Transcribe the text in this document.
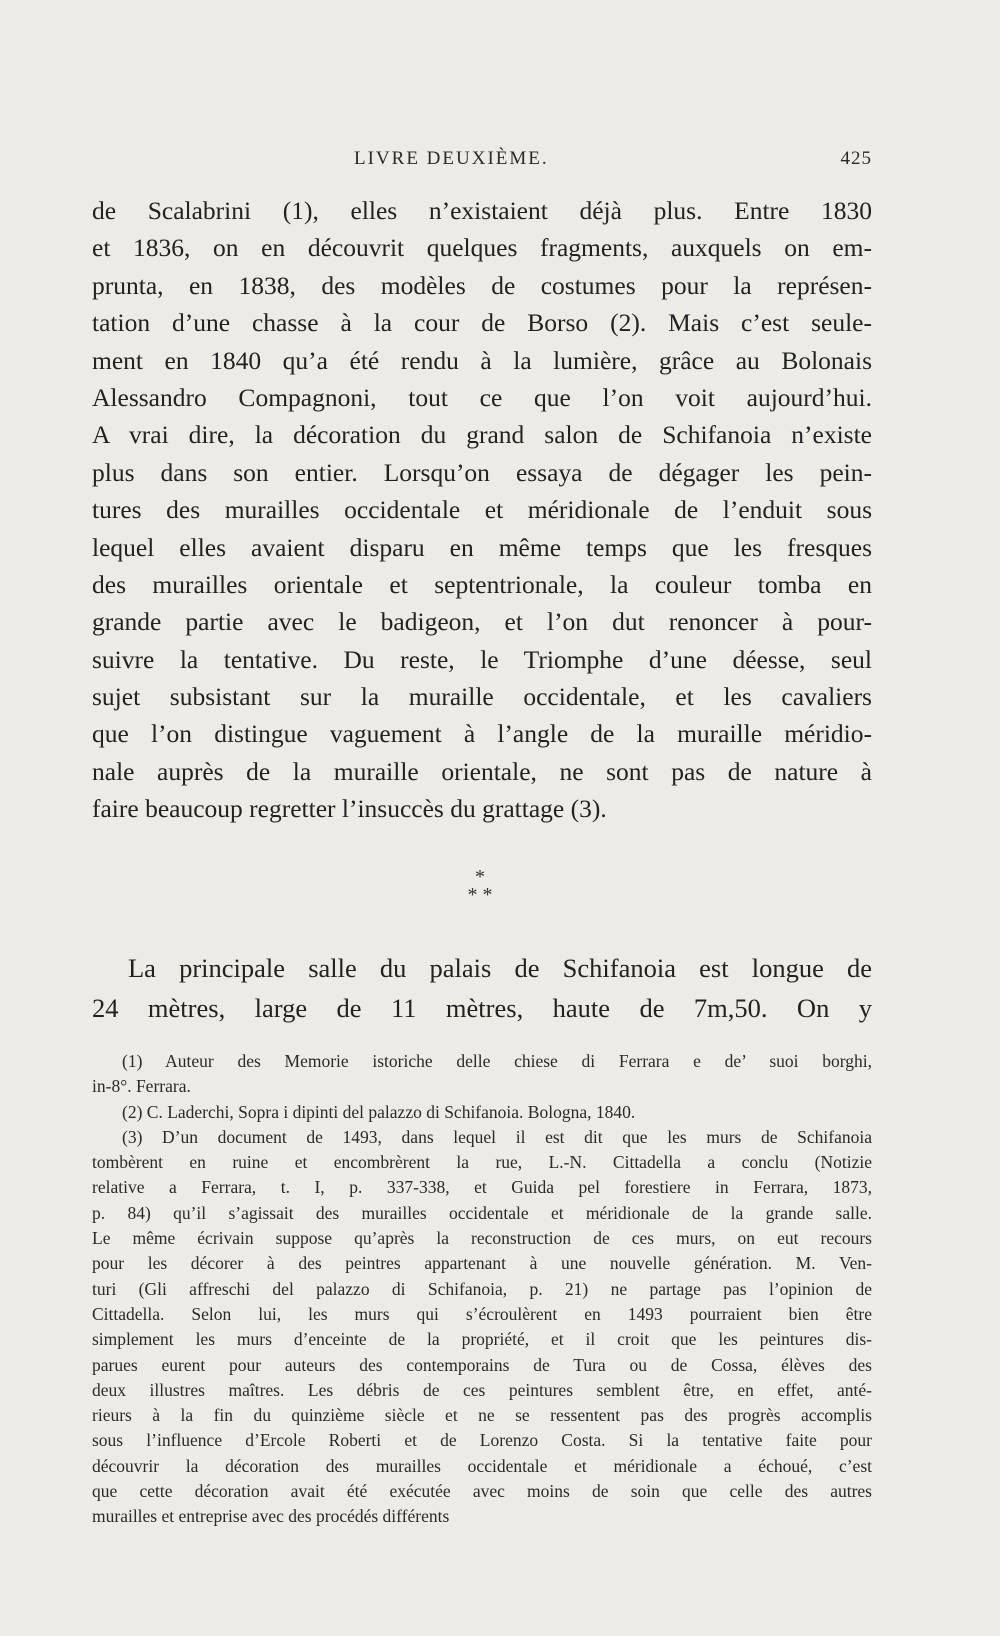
LIVRE DEUXIÈME.	425
de Scalabrini (1), elles n’existaient déjà plus. Entre 1830
et 1836, on en découvrit quelques fragments, auxquels on em-
prunta, en 1838, des modèles de costumes pour la représen-
tation d’une chasse à la cour de Borso (2). Mais c’est seule-
ment en 1840 qu’a été rendu à la lumière, grâce au Bolonais
Alessandro Compagnoni, tout ce que l’on voit aujourd’hui.
A vrai dire, la décoration du grand salon de Schifanoia n’existe
plus dans son entier. Lorsqu’on essaya de dégager les pein-
tures des murailles occidentale et méridionale de l’enduit sous
lequel elles avaient disparu en même temps que les fresques
des murailles orientale et septentrionale, la couleur tomba en
grande partie avec le badigeon, et l’on dut renoncer à pour-
suivre la tentative. Du reste, le Triomphe d’une déesse, seul
sujet subsistant sur la muraille occidentale, et les cavaliers
que l’on distingue vaguement à l’angle de la muraille méridio-
nale auprès de la muraille orientale, ne sont pas de nature à
faire beaucoup regretter l’insuccès du grattage (3).
*
* *
La principale salle du palais de Schifanoia est longue de
24 mètres, large de 11 mètres, haute de 7m,50. On y
(1) Auteur des Memorie istoriche delle chiese di Ferrara e de’ suoi borghi,
in-8°. Ferrara.
(2) C. Laderchi, Sopra i dipinti del palazzo di Schifanoia. Bologna, 1840.
(3) D’un document de 1493, dans lequel il est dit que les murs de Schifanoia
tombèrent en ruine et encombrèrent la rue, L.-N. Cittadella a conclu (Notizie
relative a Ferrara, t. I, p. 337-338, et Guida pel forestiere in Ferrara, 1873,
p. 84) qu’il s’agissait des murailles occidentale et méridionale de la grande salle.
Le même écrivain suppose qu’après la reconstruction de ces murs, on eut recours
pour les décorer à des peintres appartenant à une nouvelle génération. M. Ven-
turi (Gli affreschi del palazzo di Schifanoia, p. 21) ne partage pas l’opinion de
Cittadella. Selon lui, les murs qui s’écroulèrent en 1493 pourraient bien être
simplement les murs d’enceinte de la propriété, et il croit que les peintures dis-
parues eurent pour auteurs des contemporains de Tura ou de Cossa, élèves des
deux illustres maîtres. Les débris de ces peintures semblent être, en effet, anté-
rieurs à la fin du quinzième siècle et ne se ressentent pas des progrès accomplis
sous l’influence d’Ercole Roberti et de Lorenzo Costa. Si la tentative faite pour
découvrir la décoration des murailles occidentale et méridionale a échoué, c’est
que cette décoration avait été exécutée avec moins de soin que celle des autres
murailles et entreprise avec des procédés différents
